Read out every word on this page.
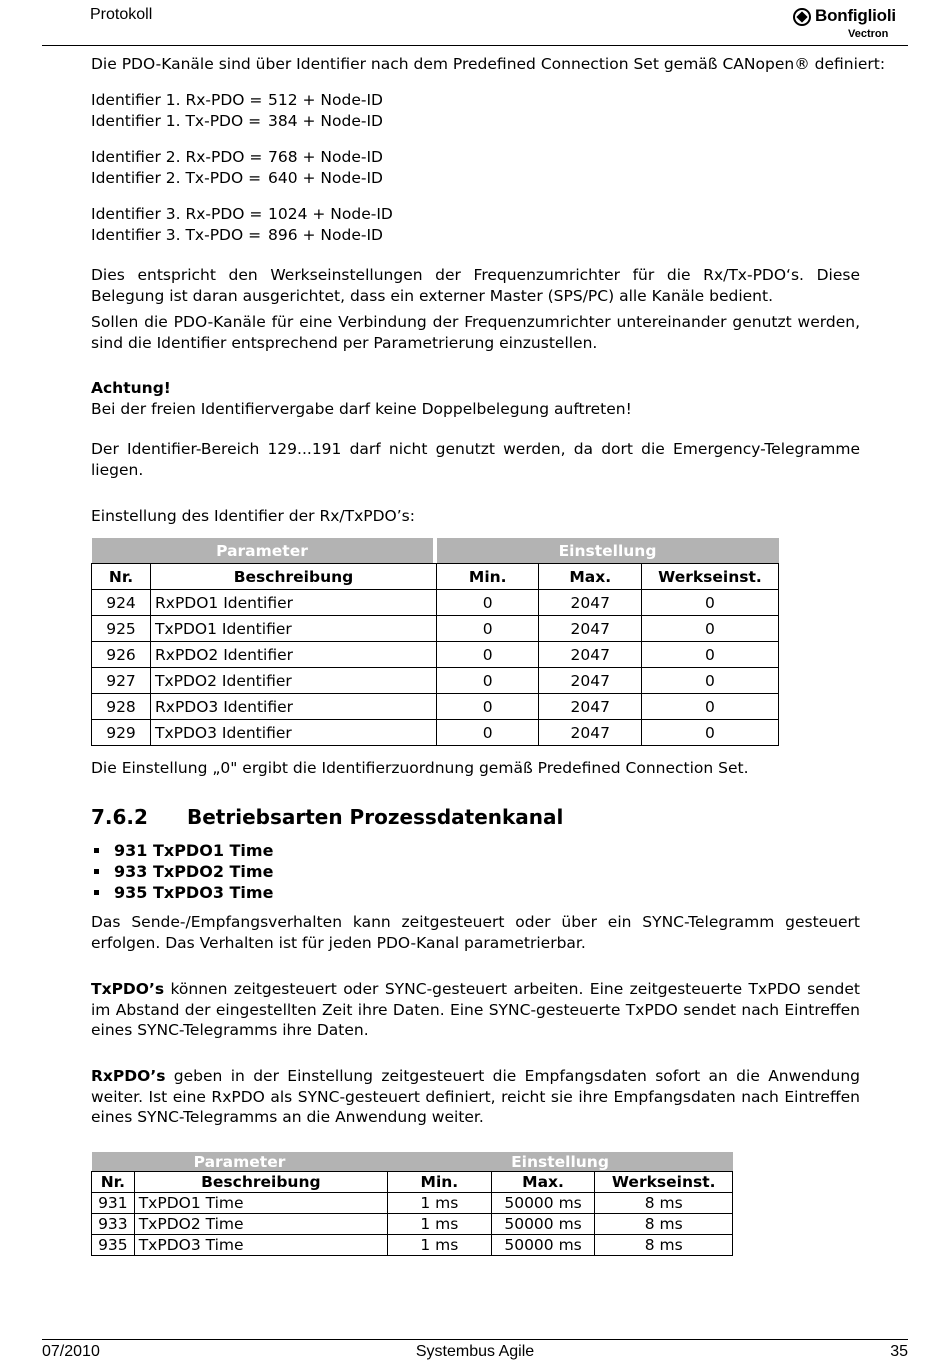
Protokoll	Bonfiglioli
Vectron
Die PDO-Kanäle sind über Identifier nach dem Predefined Connection Set gemäß CANopen® definiert:
Identifier 1. Rx-PDO = 512 + Node-ID
Identifier 1. Tx-PDO = 384 + Node-ID
Identifier 2. Rx-PDO = 768 + Node-ID
Identifier 2. Tx-PDO = 640 + Node-ID
Identifier 3. Rx-PDO = 1024 + Node-ID
Identifier 3. Tx-PDO = 896 + Node-ID
Dies entspricht den Werkseinstellungen der Frequenzumrichter für die Rx/Tx-PDO‘s. Diese Belegung ist daran ausgerichtet, dass ein externer Master (SPS/PC) alle Kanäle bedient.
Sollen die PDO-Kanäle für eine Verbindung der Frequenzumrichter untereinander genutzt werden, sind die Identifier entsprechend per Parametrierung einzustellen.
Achtung!
Bei der freien Identifiervergabe darf keine Doppelbelegung auftreten!
Der Identifier-Bereich 129...191 darf nicht genutzt werden, da dort die Emergency-Telegramme liegen.
Einstellung des Identifier der Rx/TxPDO’s:
Parameter			Einstellung		
Nr.	Beschreibung		Min.	Max.	Werkseinst.
924	RxPDO1 Identifier		0	2047	0
925	TxPDO1 Identifier		0	2047	0
926	RxPDO2 Identifier		0	2047	0
927	TxPDO2 Identifier		0	2047	0
928	RxPDO3 Identifier		0	2047	0
929	TxPDO3 Identifier		0	2047	0
Die Einstellung „0" ergibt die Identifierzuordnung gemäß Predefined Connection Set.
7.6.2 Betriebsarten Prozessdatenkanal
931 TxPDO1 Time
933 TxPDO2 Time
935 TxPDO3 Time
Das Sende-/Empfangsverhalten kann zeitgesteuert oder über ein SYNC-Telegramm gesteuert erfolgen. Das Verhalten ist für jeden PDO-Kanal parametrierbar.
TxPDO’s können zeitgesteuert oder SYNC-gesteuert arbeiten. Eine zeitgesteuerte TxPDO sendet im Abstand der eingestellten Zeit ihre Daten. Eine SYNC-gesteuerte TxPDO sendet nach Eintreffen eines SYNC-Telegramms ihre Daten.
RxPDO’s geben in der Einstellung zeitgesteuert die Empfangsdaten sofort an die Anwendung weiter. Ist eine RxPDO als SYNC-gesteuert definiert, reicht sie ihre Empfangsdaten nach Eintreffen eines SYNC-Telegramms an die Anwendung weiter.
Parameter		Einstellung		
Nr.	Beschreibung	Min.	Max.	Werkseinst.
931	TxPDO1 Time	1 ms	50000 ms	8 ms
933	TxPDO2 Time	1 ms	50000 ms	8 ms
935	TxPDO3 Time	1 ms	50000 ms	8 ms
07/2010	Systembus Agile	35
